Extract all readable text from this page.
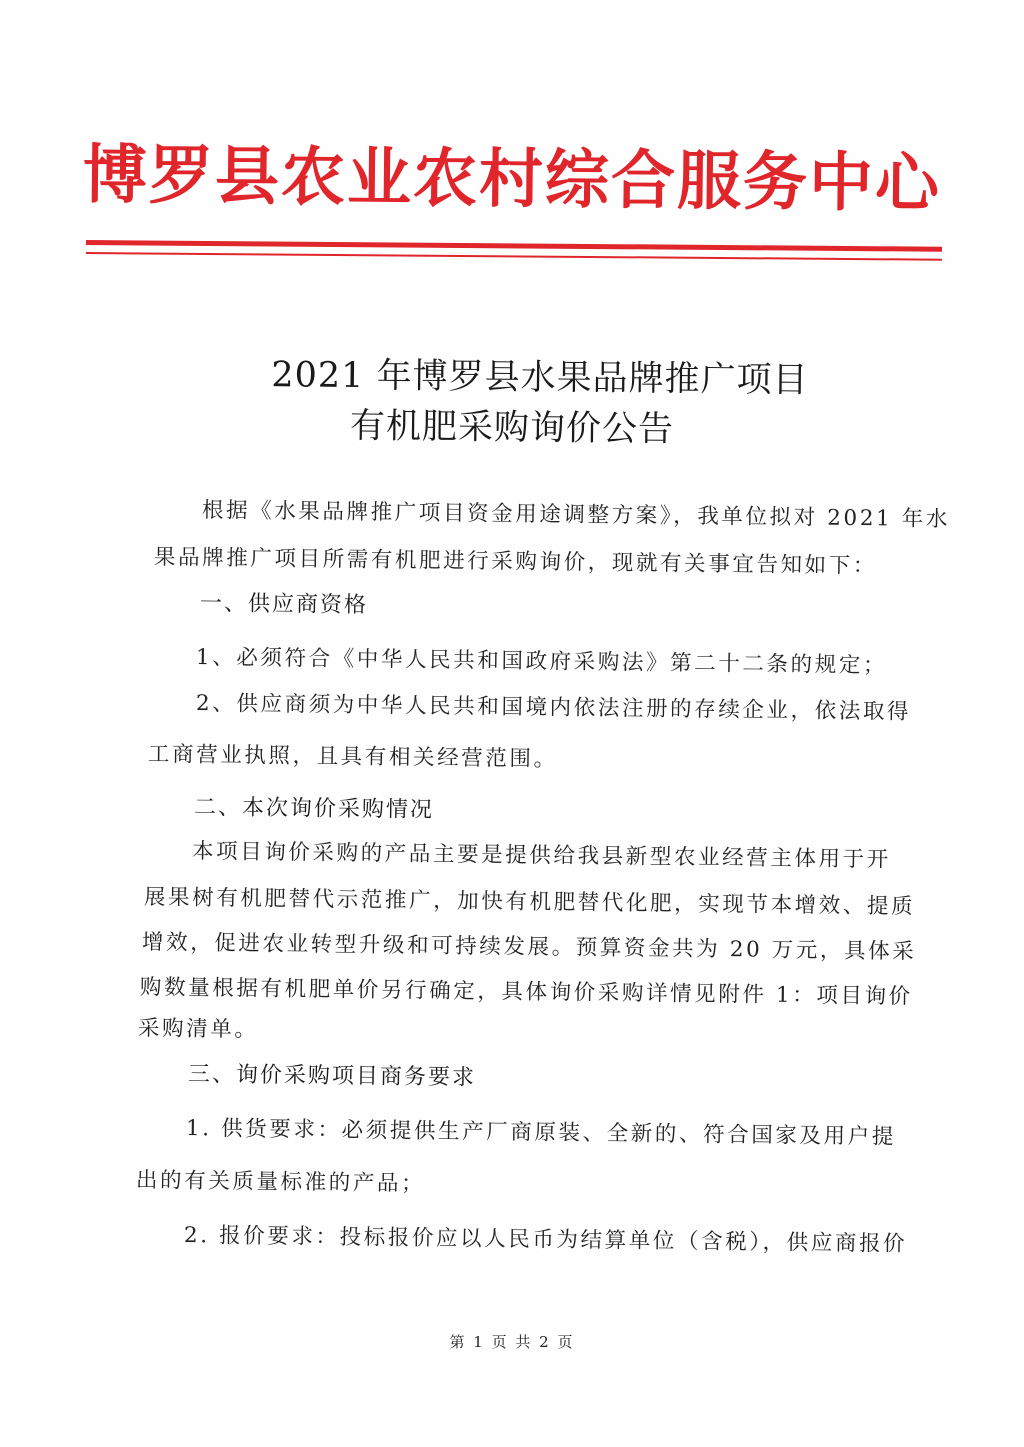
博罗县农业农村综合服务中心
2021 年博罗县水果品牌推广项目
有机肥采购询价公告
根据《水果品牌推广项目资金用途调整方案》，我单位拟对 2021 年水
果品牌推广项目所需有机肥进行采购询价，现就有关事宜告知如下：
一、供应商资格
1、必须符合《中华人民共和国政府采购法》第二十二条的规定；
2、供应商须为中华人民共和国境内依法注册的存续企业，依法取得
工商营业执照，且具有相关经营范围。
二、本次询价采购情况
本项目询价采购的产品主要是提供给我县新型农业经营主体用于开
展果树有机肥替代示范推广，加快有机肥替代化肥，实现节本增效、提质
增效，促进农业转型升级和可持续发展。预算资金共为 20 万元，具体采
购数量根据有机肥单价另行确定，具体询价采购详情见附件 1：项目询价
采购清单。
三、询价采购项目商务要求
1. 供货要求：必须提供生产厂商原装、全新的、符合国家及用户提
出的有关质量标准的产品；
2. 报价要求：投标报价应以人民币为结算单位（含税），供应商报价
第 1 页 共 2 页
